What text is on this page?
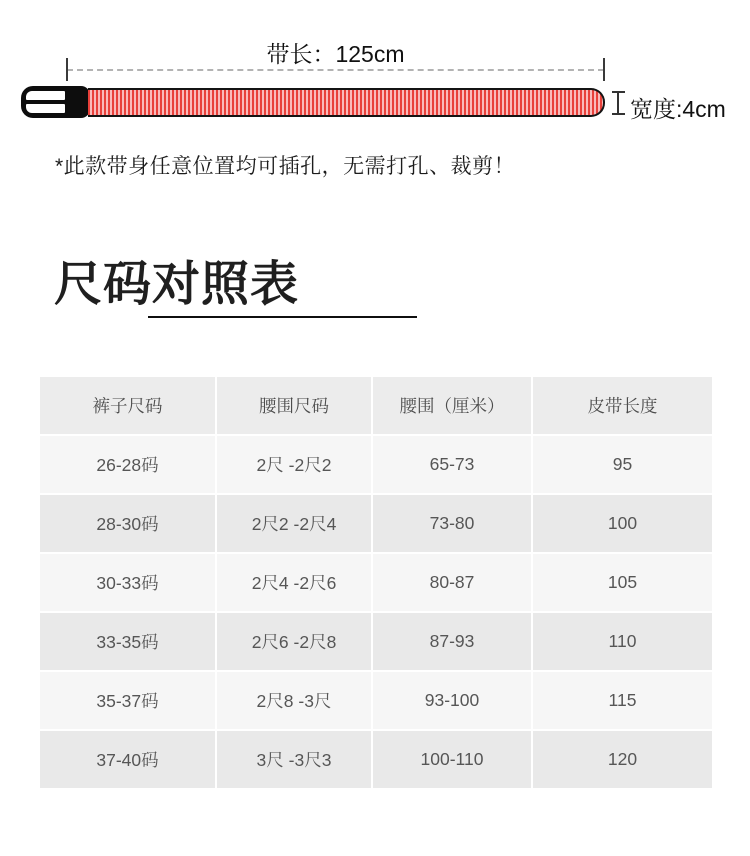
带长：125cm
宽度:4cm

*此款带身任意位置均可插孔，无需打孔、裁剪！

尺码对照表
裤子尺码	腰围尺码	腰围（厘米）	皮带长度
26-28码	2尺 -2尺2	65-73	95
28-30码	2尺2 -2尺4	73-80	100
30-33码	2尺4 -2尺6	80-87	105
33-35码	2尺6 -2尺8	87-93	110
35-37码	2尺8 -3尺	93-100	115
37-40码	3尺 -3尺3	100-110	120
